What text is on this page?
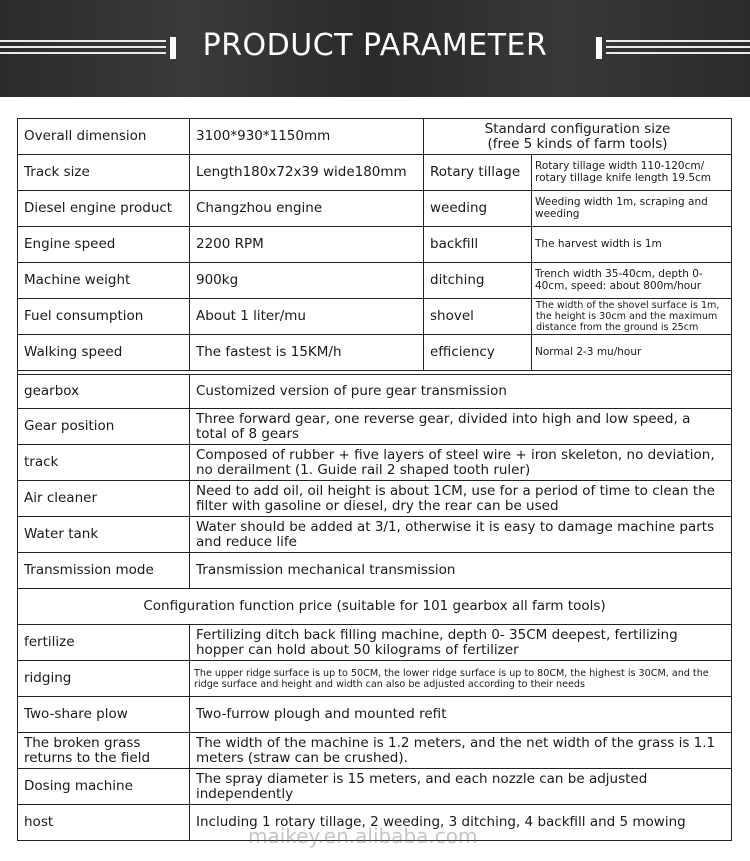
PRODUCT PARAMETER
Overall dimension	3100*930*1150mm	Standard configuration size
(free 5 kinds of farm tools)	
Track size	Length180x72x39 wide180mm	Rotary tillage	Rotary tillage width 110-120cm/ rotary tillage knife length 19.5cm
Diesel engine product	Changzhou engine	weeding	Weeding width 1m, scraping and weeding
Engine speed	2200 RPM	backfill	The harvest width is 1m
Machine weight	900kg	ditching	Trench width 35-40cm, depth 0-40cm, speed: about 800m/hour
Fuel consumption	About 1 liter/mu	shovel	The width of the shovel surface is 1m, the height is 30cm and the maximum distance from the ground is 25cm
Walking speed	The fastest is 15KM/h	efficiency	Normal 2-3 mu/hour

gearbox	Customized version of pure gear transmission		
Gear position	Three forward gear, one reverse gear, divided into high and low speed, a total of 8 gears		
track	Composed of rubber + five layers of steel wire + iron skeleton, no deviation, no derailment (1. Guide rail 2 shaped tooth ruler)		
Air cleaner	Need to add oil, oil height is about 1CM, use for a period of time to clean the filter with gasoline or diesel, dry the rear can be used		
Water tank	Water should be added at 3/1, otherwise it is easy to damage machine parts and reduce life		
Transmission mode	Transmission mechanical transmission		
Configuration function price (suitable for 101 gearbox all farm tools)			
fertilize	Fertilizing ditch back filling machine, depth 0- 35CM deepest, fertilizing hopper can hold about 50 kilograms of fertilizer		
ridging	The upper ridge surface is up to 50CM, the lower ridge surface is up to 80CM, the highest is 30CM, and the ridge surface and height and width can also be adjusted according to their needs		
Two-share plow	Two-furrow plough and mounted refit		
The broken grass returns to the field	The width of the machine is 1.2 meters, and the net width of the grass is 1.1 meters (straw can be crushed).		
Dosing machine	The spray diameter is 15 meters, and each nozzle can be adjusted independently		
host	Including 1 rotary tillage, 2 weeding, 3 ditching, 4 backfill and 5 mowing		
maikey.en.alibaba.com
